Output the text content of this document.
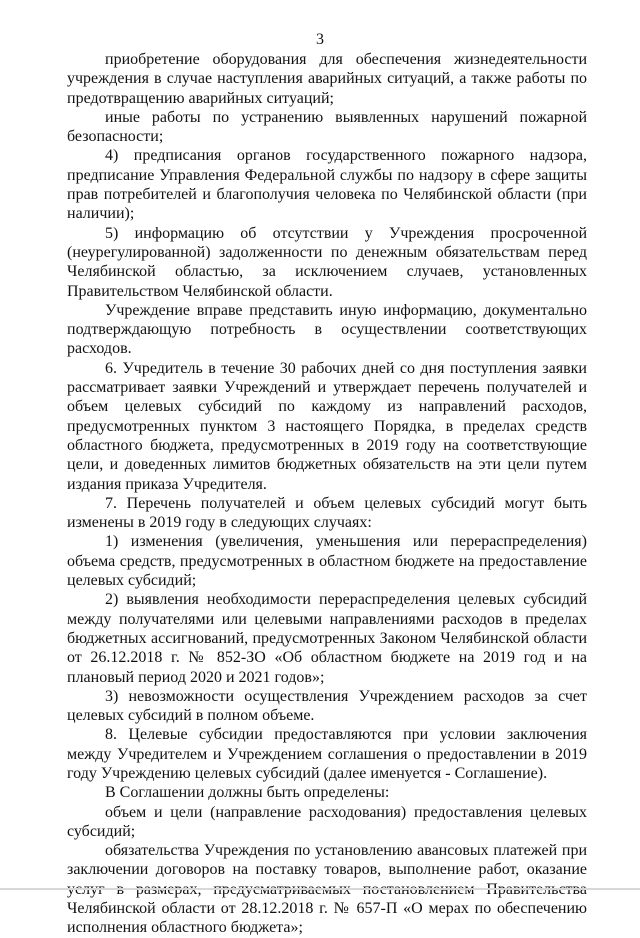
3

приобретение оборудования для обеспечения жизнедеятельности учреждения в случае наступления аварийных ситуаций, а также работы по предотвращению аварийных ситуаций;

иные работы по устранению выявленных нарушений пожарной безопасности;

4) предписания органов государственного пожарного надзора, предписание Управления Федеральной службы по надзору в сфере защиты прав потребителей и благополучия человека по Челябинской области (при наличии);

5) информацию об отсутствии у Учреждения просроченной (неурегулированной) задолженности по денежным обязательствам перед Челябинской областью, за исключением случаев, установленных Правительством Челябинской области.

Учреждение вправе представить иную информацию, документально подтверждающую потребность в осуществлении соответствующих расходов.

6. Учредитель в течение 30 рабочих дней со дня поступления заявки рассматривает заявки Учреждений и утверждает перечень получателей и объем целевых субсидий по каждому из направлений расходов, предусмотренных пунктом 3 настоящего Порядка, в пределах средств областного бюджета, предусмотренных в 2019 году на соответствующие цели, и доведенных лимитов бюджетных обязательств на эти цели путем издания приказа Учредителя.

7. Перечень получателей и объем целевых субсидий могут быть изменены в 2019 году в следующих случаях:

1) изменения (увеличения, уменьшения или перераспределения) объема средств, предусмотренных в областном бюджете на предоставление целевых субсидий;

2) выявления необходимости перераспределения целевых субсидий между получателями или целевыми направлениями расходов в пределах бюджетных ассигнований, предусмотренных Законом Челябинской области от 26.12.2018 г. № 852-ЗО «Об областном бюджете на 2019 год и на плановый период 2020 и 2021 годов»;

3) невозможности осуществления Учреждением расходов за счет целевых субсидий в полном объеме.

8. Целевые субсидии предоставляются при условии заключения между Учредителем и Учреждением соглашения о предоставлении в 2019 году Учреждению целевых субсидий (далее именуется - Соглашение).

В Соглашении должны быть определены:

объем и цели (направление расходования) предоставления целевых субсидий;

обязательства Учреждения по установлению авансовых платежей при заключении договоров на поставку товаров, выполнение работ, оказание Челябинской области от 28.12.2018 г. № 657-П «О мерах по обеспечению исполнения областного бюджета»;
